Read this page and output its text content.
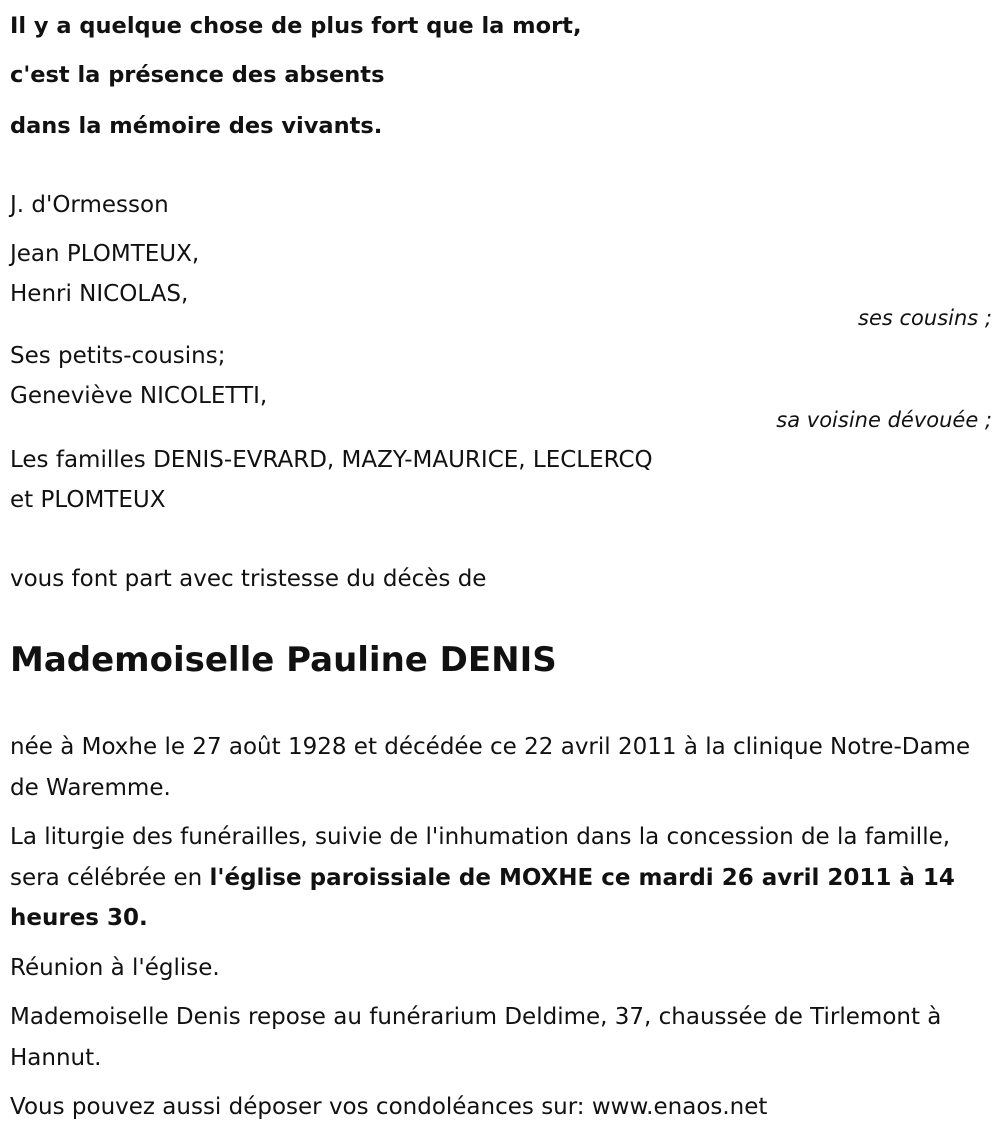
Il y a quelque chose de plus fort que la mort,
c'est la présence des absents
dans la mémoire des vivants.
J. d'Ormesson
Jean PLOMTEUX,
Henri NICOLAS,
ses cousins ;
Ses petits-cousins;
Geneviève NICOLETTI,
sa voisine dévouée ;
Les familles DENIS-EVRARD, MAZY-MAURICE, LECLERCQ
et PLOMTEUX
vous font part avec tristesse du décès de
Mademoiselle Pauline DENIS
née à Moxhe le 27 août 1928 et décédée ce 22 avril 2011 à la clinique Notre-Dame de Waremme.
La liturgie des funérailles, suivie de l'inhumation dans la concession de la famille, sera célébrée en l'église paroissiale de MOXHE ce mardi 26 avril 2011 à 14 heures 30.
Réunion à l'église.
Mademoiselle Denis repose au funérarium Deldime, 37, chaussée de Tirlemont à Hannut.
Vous pouvez aussi déposer vos condoléances sur: www.enaos.net
